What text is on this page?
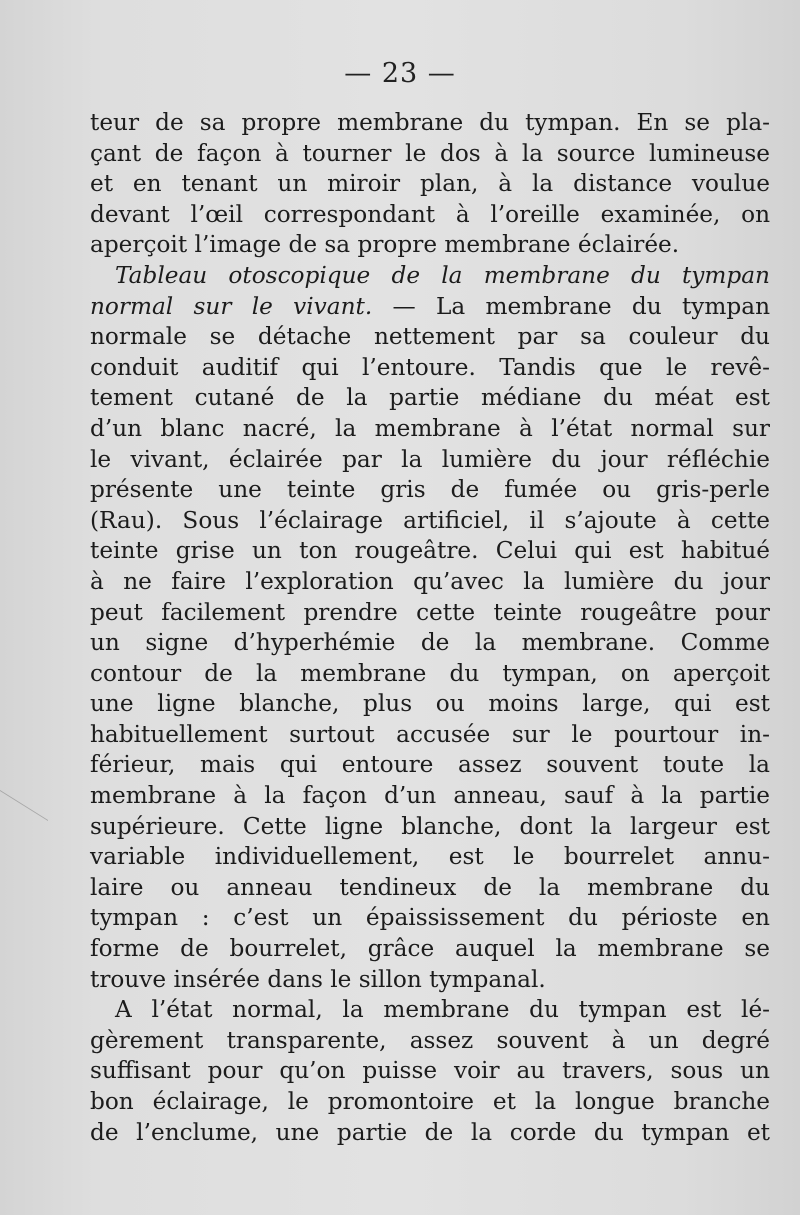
— 23 —
teur de sa propre membrane du tympan. En se pla-
çant de façon à tourner le dos à la source lumineuse
et en tenant un miroir plan, à la distance voulue
devant l’œil correspondant à l’oreille examinée, on
aperçoit l’image de sa propre membrane éclairée.
Tableau otoscopique de la membrane du tympan
normal sur le vivant. — La membrane du tympan
normale se détache nettement par sa couleur du
conduit auditif qui l’entoure. Tandis que le revê-
tement cutané de la partie médiane du méat est
d’un blanc nacré, la membrane à l’état normal sur
le vivant, éclairée par la lumière du jour réfléchie
présente une teinte gris de fumée ou gris-perle
(Rau). Sous l’éclairage artificiel, il s’ajoute à cette
teinte grise un ton rougeâtre. Celui qui est habitué
à ne faire l’exploration qu’avec la lumière du jour
peut facilement prendre cette teinte rougeâtre pour
un signe d’hyperhémie de la membrane. Comme
contour de la membrane du tympan, on aperçoit
une ligne blanche, plus ou moins large, qui est
habituellement surtout accusée sur le pourtour in-
férieur, mais qui entoure assez souvent toute la
membrane à la façon d’un anneau, sauf à la partie
supérieure. Cette ligne blanche, dont la largeur est
variable individuellement, est le bourrelet annu-
laire ou anneau tendineux de la membrane du
tympan : c’est un épaississement du périoste en
forme de bourrelet, grâce auquel la membrane se
trouve insérée dans le sillon tympanal.
A l’état normal, la membrane du tympan est lé-
gèrement transparente, assez souvent à un degré
suffisant pour qu’on puisse voir au travers, sous un
bon éclairage, le promontoire et la longue branche
de l’enclume, une partie de la corde du tympan et
